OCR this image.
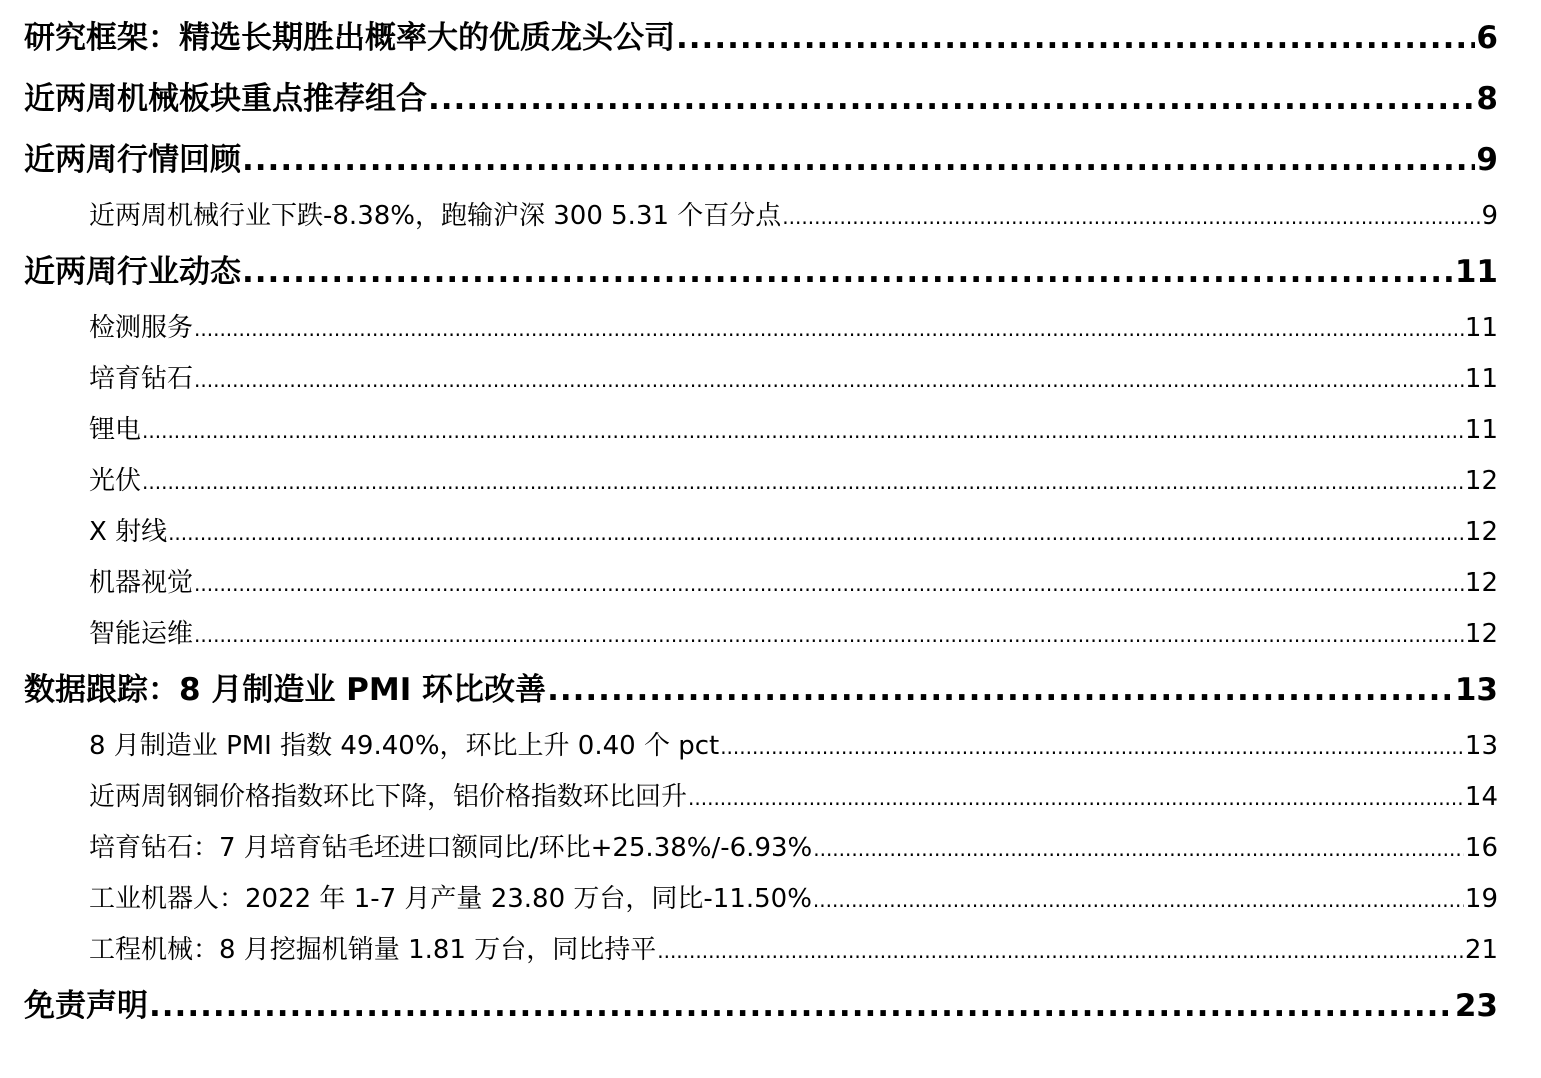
研究框架：精选长期胜出概率大的优质龙头公司 .....	6
近两周机械板块重点推荐组合 .....	8
近两周行情回顾 .....	9
近两周机械行业下跌-8.38%，跑输沪深 300 5.31 个百分点 .....	9
近两周行业动态 .....	11
检测服务 .....	11
培育钻石 .....	11
锂电 .....	11
光伏 .....	12
X 射线 .....	12
机器视觉 .....	12
智能运维 .....	12
数据跟踪：8 月制造业 PMI 环比改善 .....	13
8 月制造业 PMI 指数 49.40%，环比上升 0.40 个 pct .....	13
近两周钢铜价格指数环比下降，铝价格指数环比回升 .....	14
培育钻石：7 月培育钻毛坯进口额同比/环比+25.38%/-6.93% .....	16
工业机器人：2022 年 1-7 月产量 23.80 万台，同比-11.50% .....	19
工程机械：8 月挖掘机销量 1.81 万台，同比持平 .....	21
免责声明 .....	23
